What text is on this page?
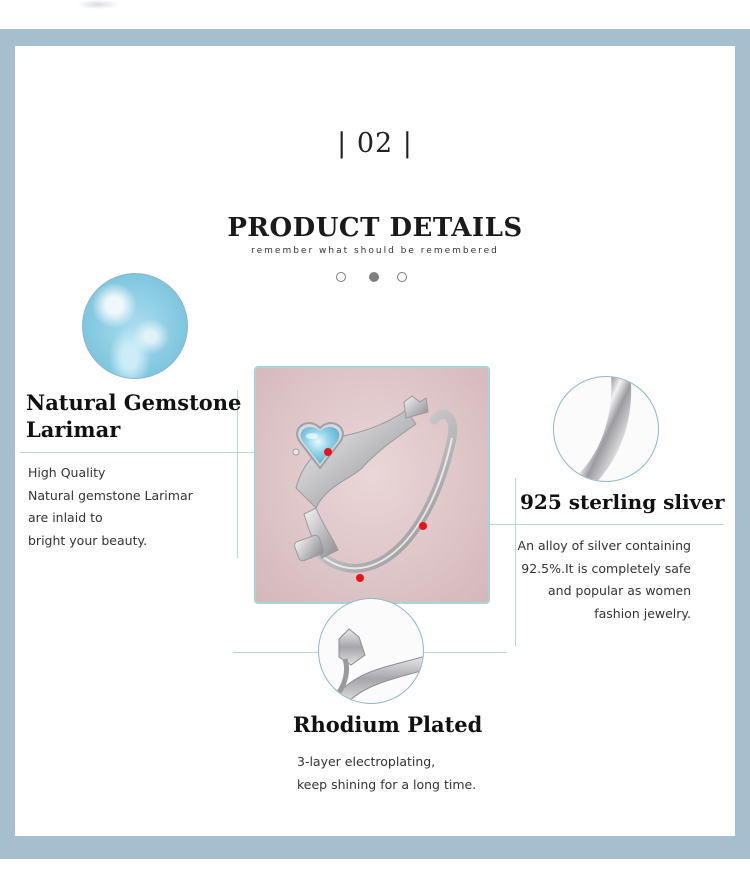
| 02 |
PRODUCT DETAILS
remember what should be remembered
Natural Gemstone
Larimar
High Quality
Natural gemstone Larimar
are inlaid to
bright your beauty.
925 sterling sliver
An alloy of silver containing
92.5%.It is completely safe
and popular as women
fashion jewelry.
Rhodium Plated
3-layer electroplating,
keep shining for a long time.
